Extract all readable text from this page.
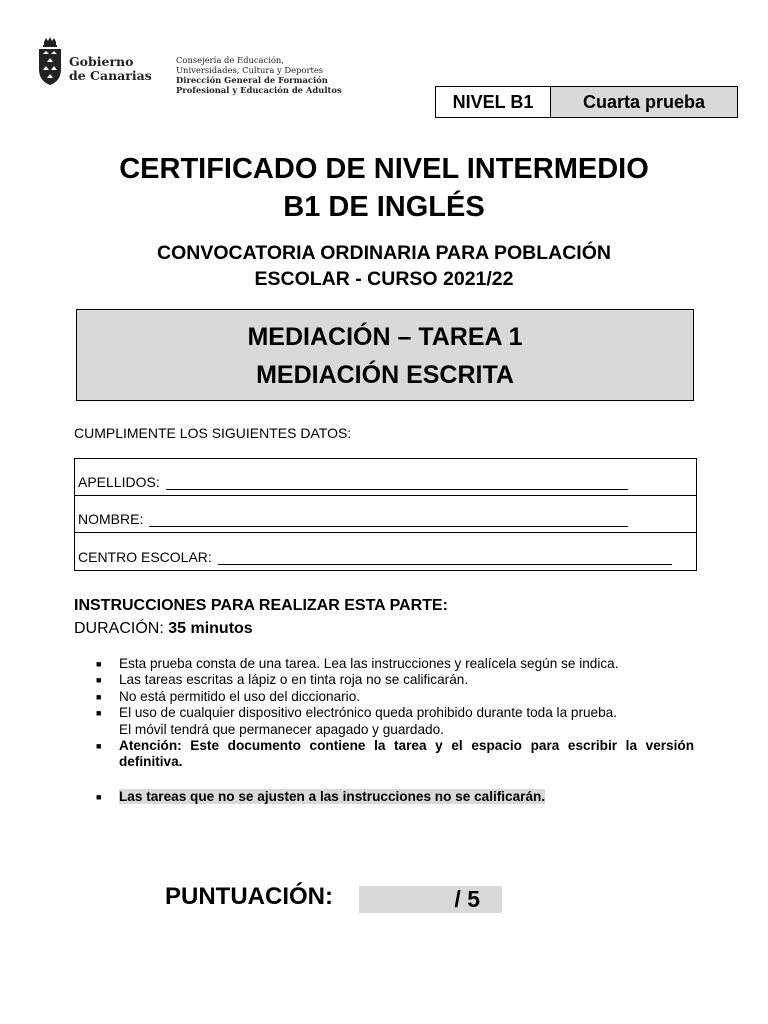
Gobierno
de Canarias
Consejería de Educación,
Universidades, Cultura y Deportes
Dirección General de Formación
Profesional y Educación de Adultos
NIVEL B1	Cuarta prueba
CERTIFICADO DE NIVEL INTERMEDIO
B1 DE INGLÉS
CONVOCATORIA ORDINARIA PARA POBLACIÓN
ESCOLAR - CURSO 2021/22
MEDIACIÓN – TAREA 1
MEDIACIÓN ESCRITA
CUMPLIMENTE LOS SIGUIENTES DATOS:
APELLIDOS:
NOMBRE:
CENTRO ESCOLAR:
INSTRUCCIONES PARA REALIZAR ESTA PARTE:
DURACIÓN: 35 minutos
■	Esta prueba consta de una tarea. Lea las instrucciones y realícela según se indica.
■	Las tareas escritas a lápiz o en tinta roja no se calificarán.
■	No está permitido el uso del diccionario.
■	El uso de cualquier dispositivo electrónico queda prohibido durante toda la prueba.
El móvil tendrá que permanecer apagado y guardado.
■	Atención: Este documento contiene la tarea y el espacio para escribir la versión definitiva.
■	Las tareas que no se ajusten a las instrucciones no se calificarán.
PUNTUACIÓN:	/ 5
